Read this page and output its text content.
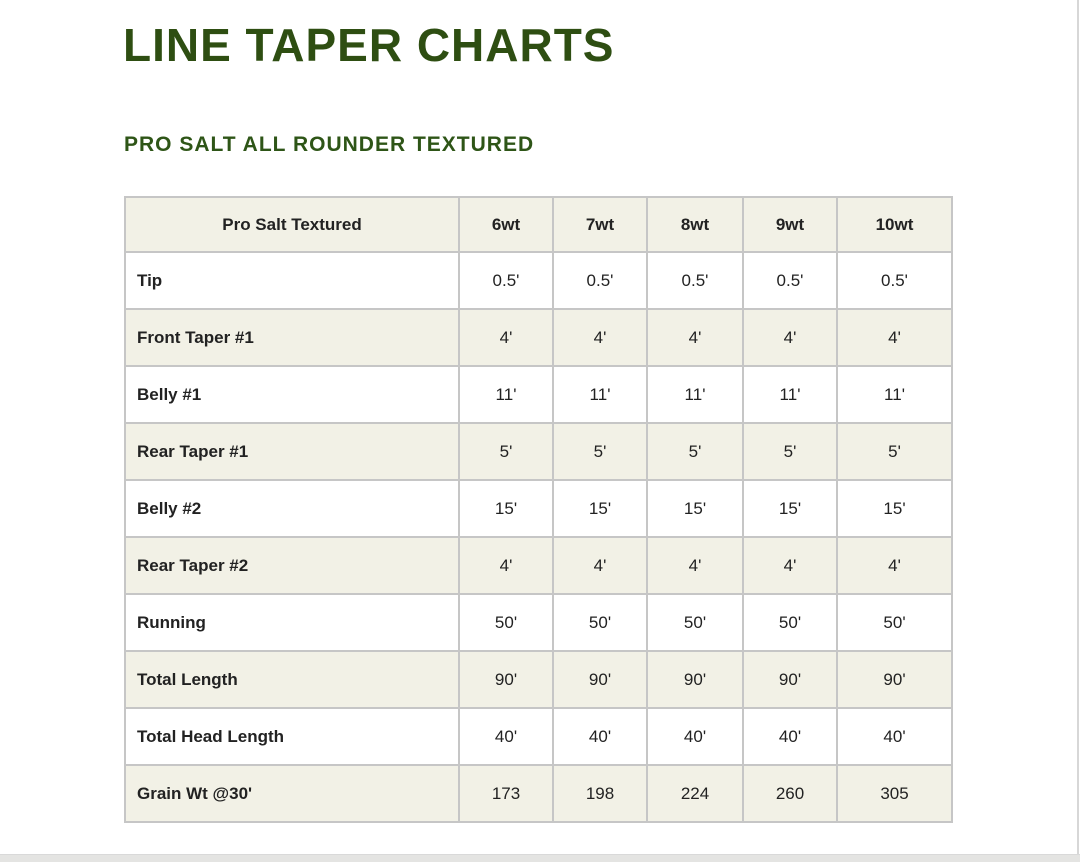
LINE TAPER CHARTS
PRO SALT ALL ROUNDER TEXTURED
Pro Salt Textured	6wt	7wt	8wt	9wt	10wt
Tip	0.5'	0.5'	0.5'	0.5'	0.5'
Front Taper #1	4'	4'	4'	4'	4'
Belly #1	11'	11'	11'	11'	11'
Rear Taper #1	5'	5'	5'	5'	5'
Belly #2	15'	15'	15'	15'	15'
Rear Taper #2	4'	4'	4'	4'	4'
Running	50'	50'	50'	50'	50'
Total Length	90'	90'	90'	90'	90'
Total Head Length	40'	40'	40'	40'	40'
Grain Wt @30'	173	198	224	260	305
